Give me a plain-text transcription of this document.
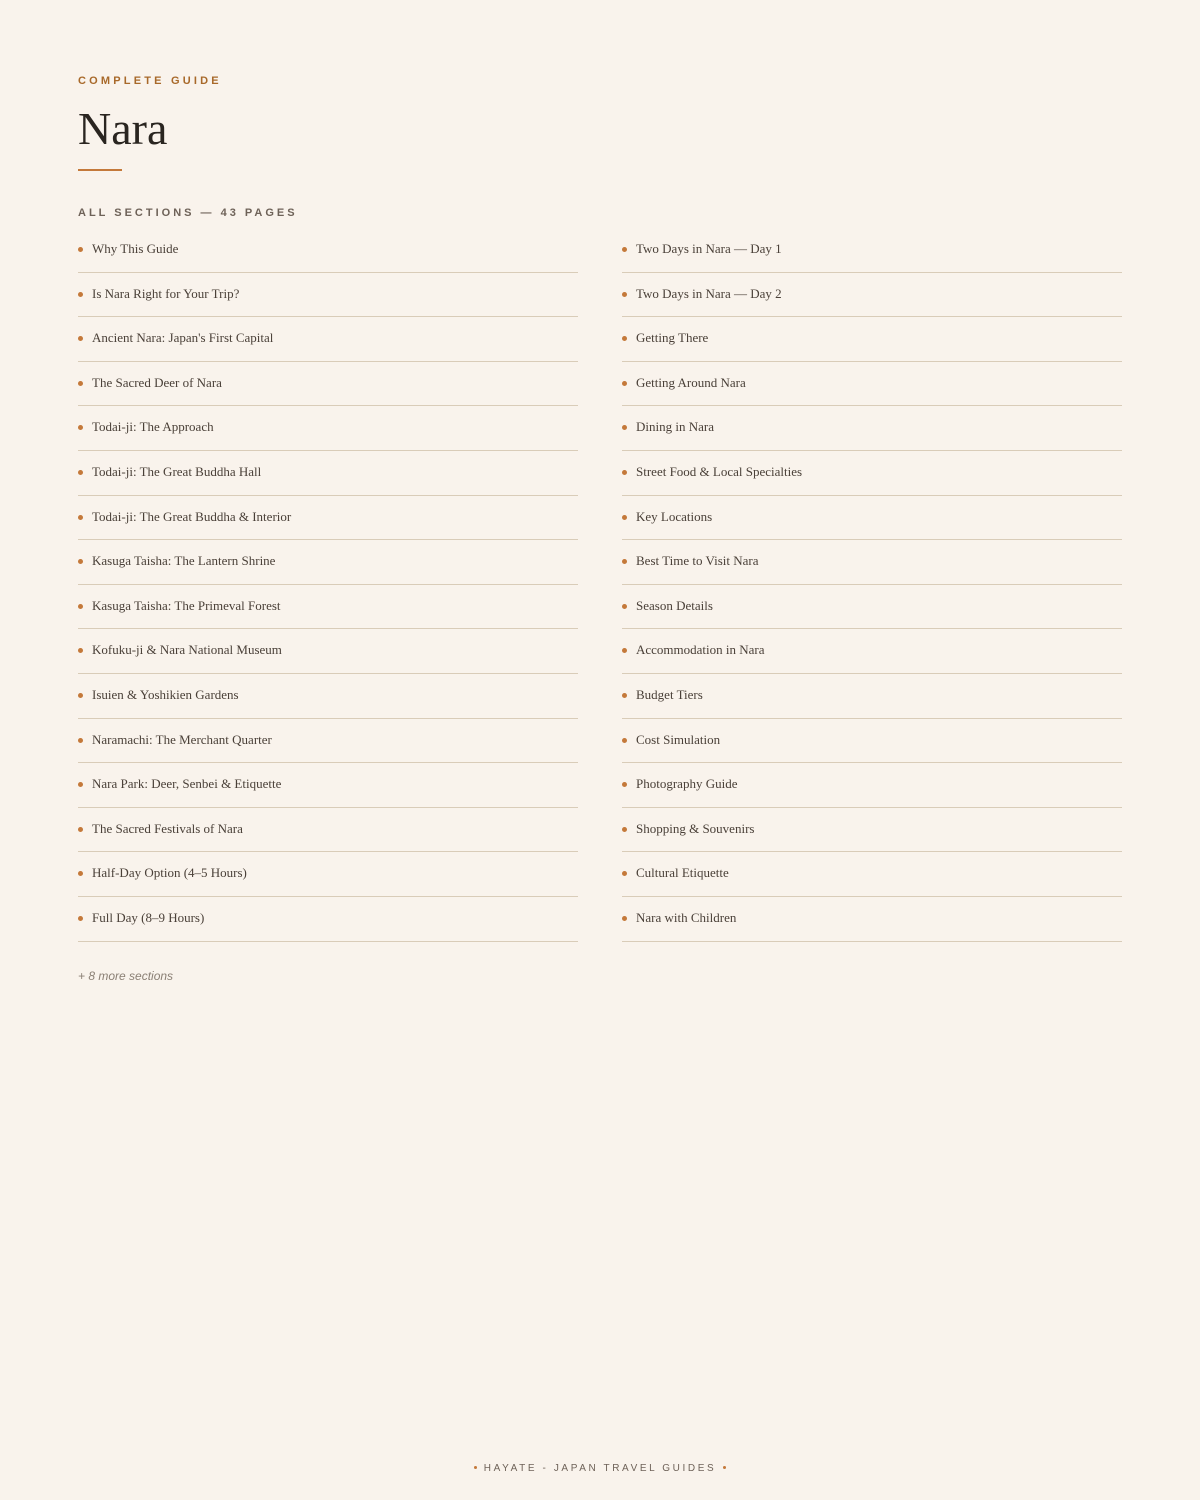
COMPLETE GUIDE
Nara
ALL SECTIONS — 43 PAGES
Why This Guide
Is Nara Right for Your Trip?
Ancient Nara: Japan's First Capital
The Sacred Deer of Nara
Todai-ji: The Approach
Todai-ji: The Great Buddha Hall
Todai-ji: The Great Buddha & Interior
Kasuga Taisha: The Lantern Shrine
Kasuga Taisha: The Primeval Forest
Kofuku-ji & Nara National Museum
Isuien & Yoshikien Gardens
Naramachi: The Merchant Quarter
Nara Park: Deer, Senbei & Etiquette
The Sacred Festivals of Nara
Half-Day Option (4–5 Hours)
Full Day (8–9 Hours)
Two Days in Nara — Day 1
Two Days in Nara — Day 2
Getting There
Getting Around Nara
Dining in Nara
Street Food & Local Specialties
Key Locations
Best Time to Visit Nara
Season Details
Accommodation in Nara
Budget Tiers
Cost Simulation
Photography Guide
Shopping & Souvenirs
Cultural Etiquette
Nara with Children
+ 8 more sections
HAYATE - JAPAN TRAVEL GUIDES
